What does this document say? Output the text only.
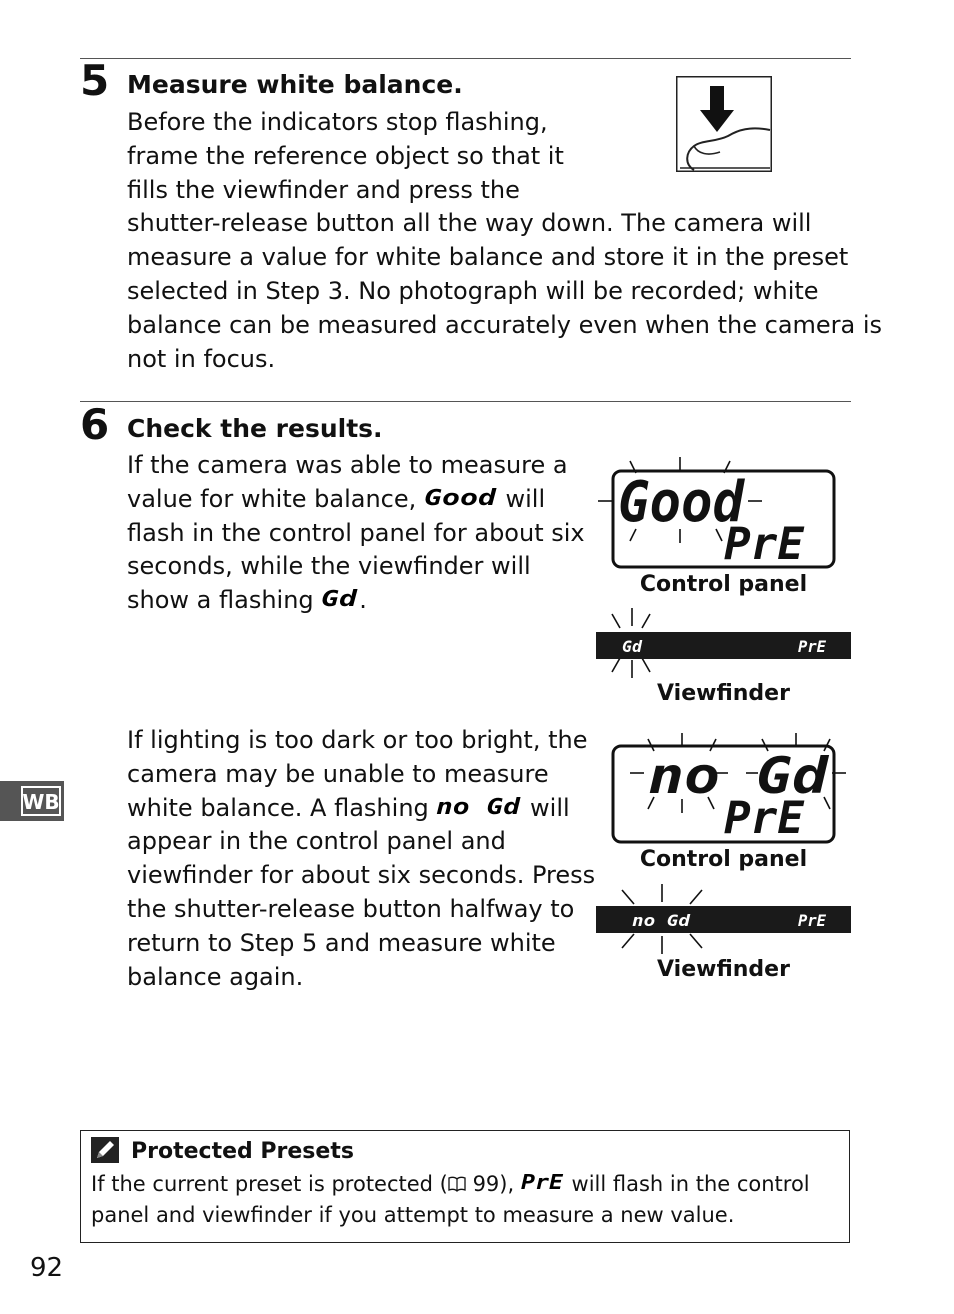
5 Measure white balance.
Before the indicators stop flashing,
frame the reference object so that it
fills the viewfinder and press the
shutter-release button all the way down. The camera will
measure a value for white balance and store it in the preset
selected in Step 3. No photograph will be recorded; white
balance can be measured accurately even when the camera is
not in focus.
6 Check the results.
If the camera was able to measure a
value for white balance, Good will
flash in the control panel for about six
seconds, while the viewfinder will
show a flashing Gd .
Good
PrE
Control panel
Gd	PrE
Viewfinder
If lighting is too dark or too bright, the
camera may be unable to measure
white balance. A flashing no Gd will
appear in the control panel and
viewfinder for about six seconds. Press
the shutter-release button halfway to
return to Step 5 and measure white
balance again.
no Gd
PrE
Control panel
no Gd	PrE
Viewfinder
Protected Presets

If the current preset is protected ( 99), PrE will flash in the control
panel and viewfinder if you attempt to measure a new value.

WB
92
